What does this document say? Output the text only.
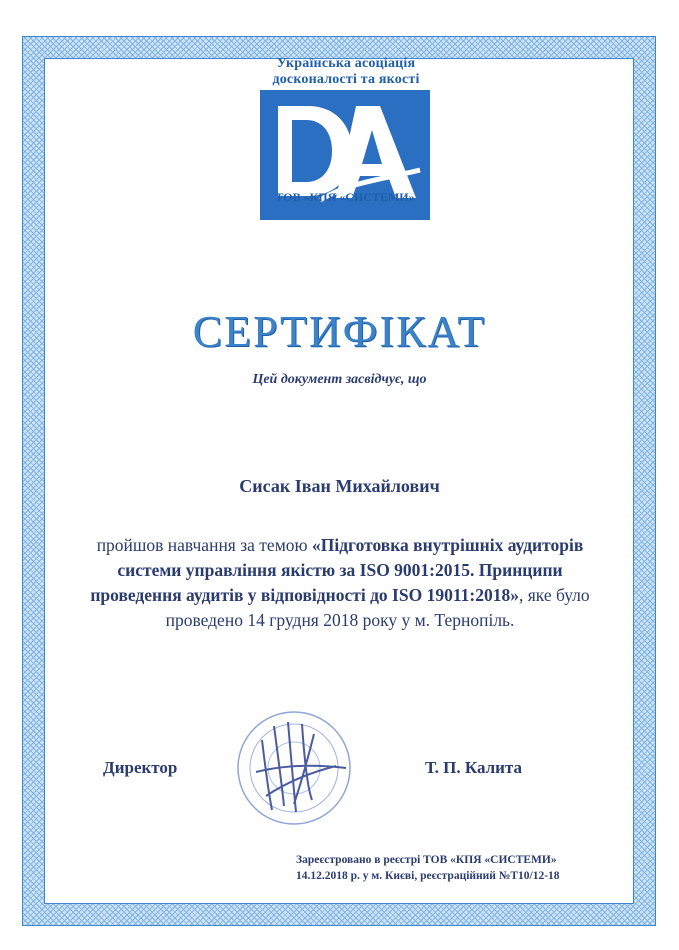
Українська асоціація
досконалості та якості
ТОВ «КПЯ «СИСТЕМИ»
СЕРТИФІКАТ
Цей документ засвідчує, що
Сисак Іван Михайлович
пройшов навчання за темою «Підготовка внутрішніх аудиторів системи управління якістю за ISO 9001:2015. Принципи проведення аудитів у відповідності до ISO 19011:2018», яке було проведено 14 грудня 2018 року у м. Тернопіль.
Директор	Т. П. Калита
Зареєстровано в реєстрі ТОВ «КПЯ «СИСТЕМИ»
14.12.2018 р. у м. Києві, реєстраційний №Т10/12-18
